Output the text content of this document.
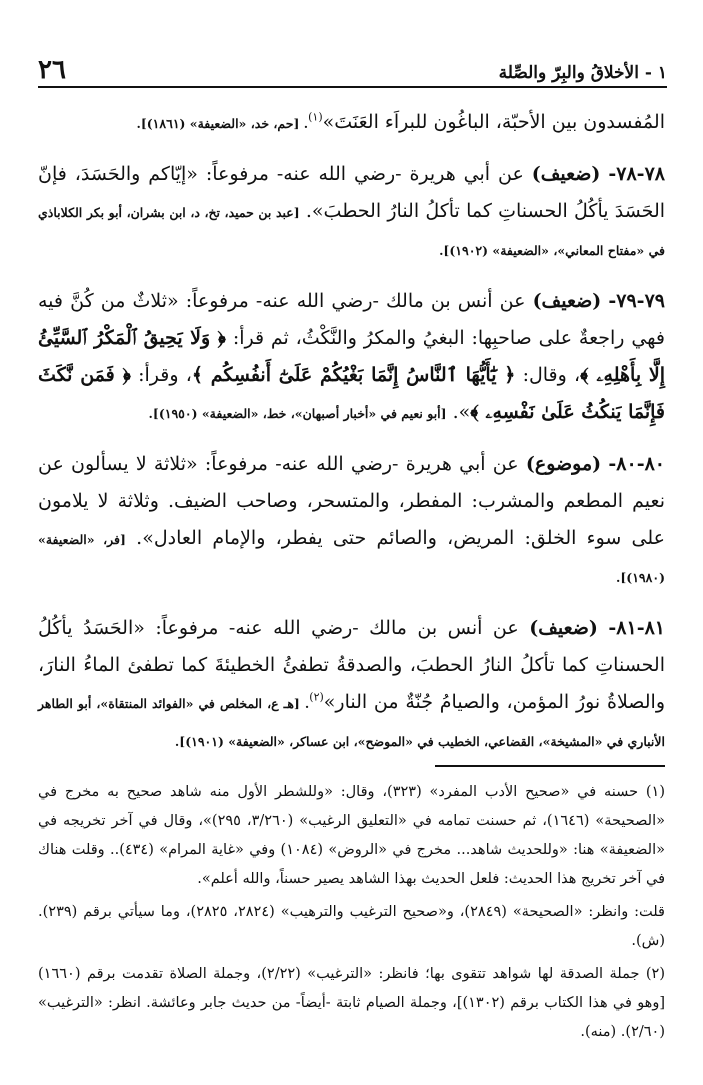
١ - الأخلاقُ والبِرّ والصِّلة
٢٦

المُفسدون بين الأحبّة، الباغُون للبراَء العَنَتَ»$^{(١)}$. [حم، خد، «الضعيفة» (١٨٦١)].

٧٨-٧٨- (ضعيف) عن أبي هريرة -رضي الله عنه- مرفوعاً: «إيّاكم والحَسَدَ، فإنّ الحَسَدَ يأكُلُ الحسناتِ كما تأكلُ النارُ الحطبَ». [عبد بن حميد، تخ، د، ابن بشران، أبو بكر الكلاباذي في «مفتاح المعاني»، «الضعيفة» (١٩٠٢)].

٧٩-٧٩- (ضعيف) عن أنس بن مالك -رضي الله عنه- مرفوعاً: «ثلاثٌ من كُنَّ فيه فهي راجعةٌ على صاحبِها: البغيُ والمكرُ والنَّكْثُ، ثم قرأ: ﴿ وَلَا يَحِيقُ ٱلْمَكْرُ ٱلسَّيِّئُ إِلَّا بِأَهْلِهِۦ ﴾، وقال: ﴿ يَٰٓأَيُّهَا ٱلنَّاسُ إِنَّمَا بَغْيُكُمْ عَلَىٰٓ أَنفُسِكُم ﴾، وقرأ: ﴿ فَمَن نَّكَثَ فَإِنَّمَا يَنكُثُ عَلَىٰ نَفْسِهِۦ ﴾». [أبو نعيم في «أخبار أصبهان»، خط، «الضعيفة» (١٩٥٠)].

٨٠-٨٠- (موضوع) عن أبي هريرة -رضي الله عنه- مرفوعاً: «ثلاثة لا يسألون عن نعيم المطعم والمشرب: المفطر، والمتسحر، وصاحب الضيف. وثلاثة لا يلامون على سوء الخلق: المريض، والصائم حتى يفطر، والإمام العادل». [فر، «الضعيفة» (١٩٨٠)].

٨١-٨١- (ضعيف) عن أنس بن مالك -رضي الله عنه- مرفوعاً: «الحَسَدُ يأكُلُ الحسناتِ كما تأكلُ النارُ الحطبَ، والصدقةُ تطفئُ الخطيئةَ كما تطفئ الماءُ النارَ، والصلاةُ نورُ المؤمن، والصيامُ جُنّةٌ من النار»$^{(٢)}$. [هـ ع، المخلص في «الفوائد المنتقاة»، أبو الطاهر الأنباري في «المشيخة»، القضاعي، الخطيب في «الموضح»، ابن عساكر، «الضعيفة» (١٩٠١)].

(١) حسنه في «صحيح الأدب المفرد» (٣٢٣)، وقال: «وللشطر الأول منه شاهد صحيح به مخرج في «الصحيحة» (١٦٤٦)، ثم حسنت تمامه في «التعليق الرغيب» (٣/٢٦٠، ٢٩٥)»، وقال في آخر تخريجه في «الضعيفة» هنا: «وللحديث شاهد... مخرج في «الروض» (١٠٨٤) وفي «غاية المرام» (٤٣٤).. وقلت هناك في آخر تخريج هذا الحديث: فلعل الحديث بهذا الشاهد يصير حسناً، والله أعلم».

قلت: وانظر: «الصحيحة» (٢٨٤٩)، و«صحيح الترغيب والترهيب» (٢٨٢٤، ٢٨٢٥)، وما سيأتي برقم (٢٣٩). (ش).

(٢) جملة الصدقة لها شواهد تتقوى بها؛ فانظر: «الترغيب» (٢/٢٢)، وجملة الصلاة تقدمت برقم (١٦٦٠) [وهو في هذا الكتاب برقم (١٣٠٢)]، وجملة الصيام ثابتة -أيضاً- من حديث جابر وعائشة. انظر: «الترغيب» (٢/٦٠). (منه).
